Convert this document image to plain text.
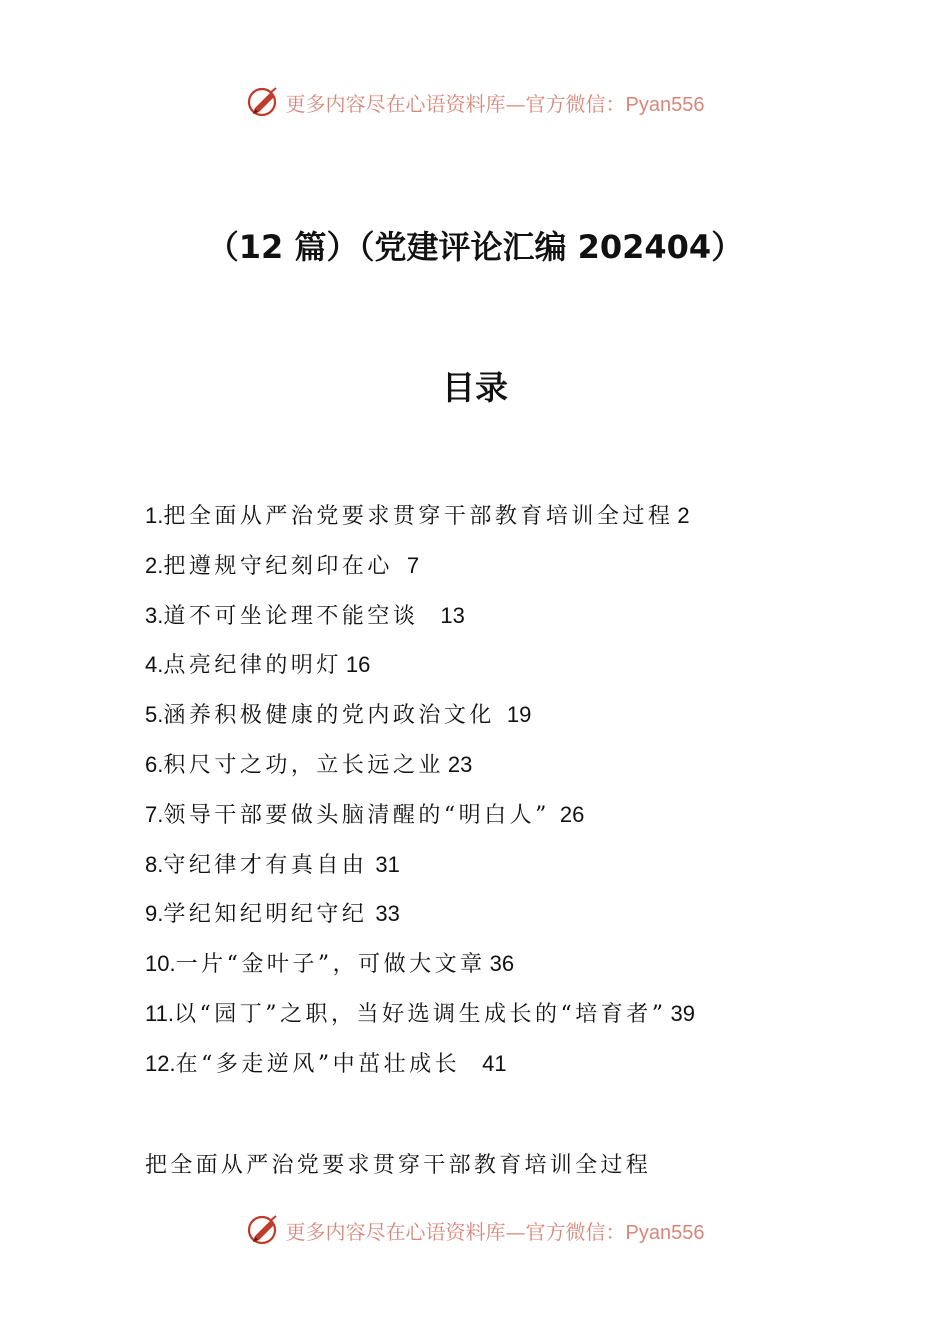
更多内容尽在心语资料库—官方微信：Pyan556
（12 篇）（党建评论汇编 202404）
目录
1.把全面从严治党要求贯穿干部教育培训全过程 2
2.把遵规守纪刻印在心 7
3.道不可坐论理不能空谈 13
4.点亮纪律的明灯 16
5.涵养积极健康的党内政治文化 19
6.积尺寸之功，立长远之业 23
7.领导干部要做头脑清醒的“明白人” 26
8.守纪律才有真自由 31
9.学纪知纪明纪守纪 33
10.一片“金叶子”，可做大文章 36
11.以“园丁”之职，当好选调生成长的“培育者” 39
12.在“多走逆风”中茁壮成长 41
把全面从严治党要求贯穿干部教育培训全过程
更多内容尽在心语资料库—官方微信：Pyan556
